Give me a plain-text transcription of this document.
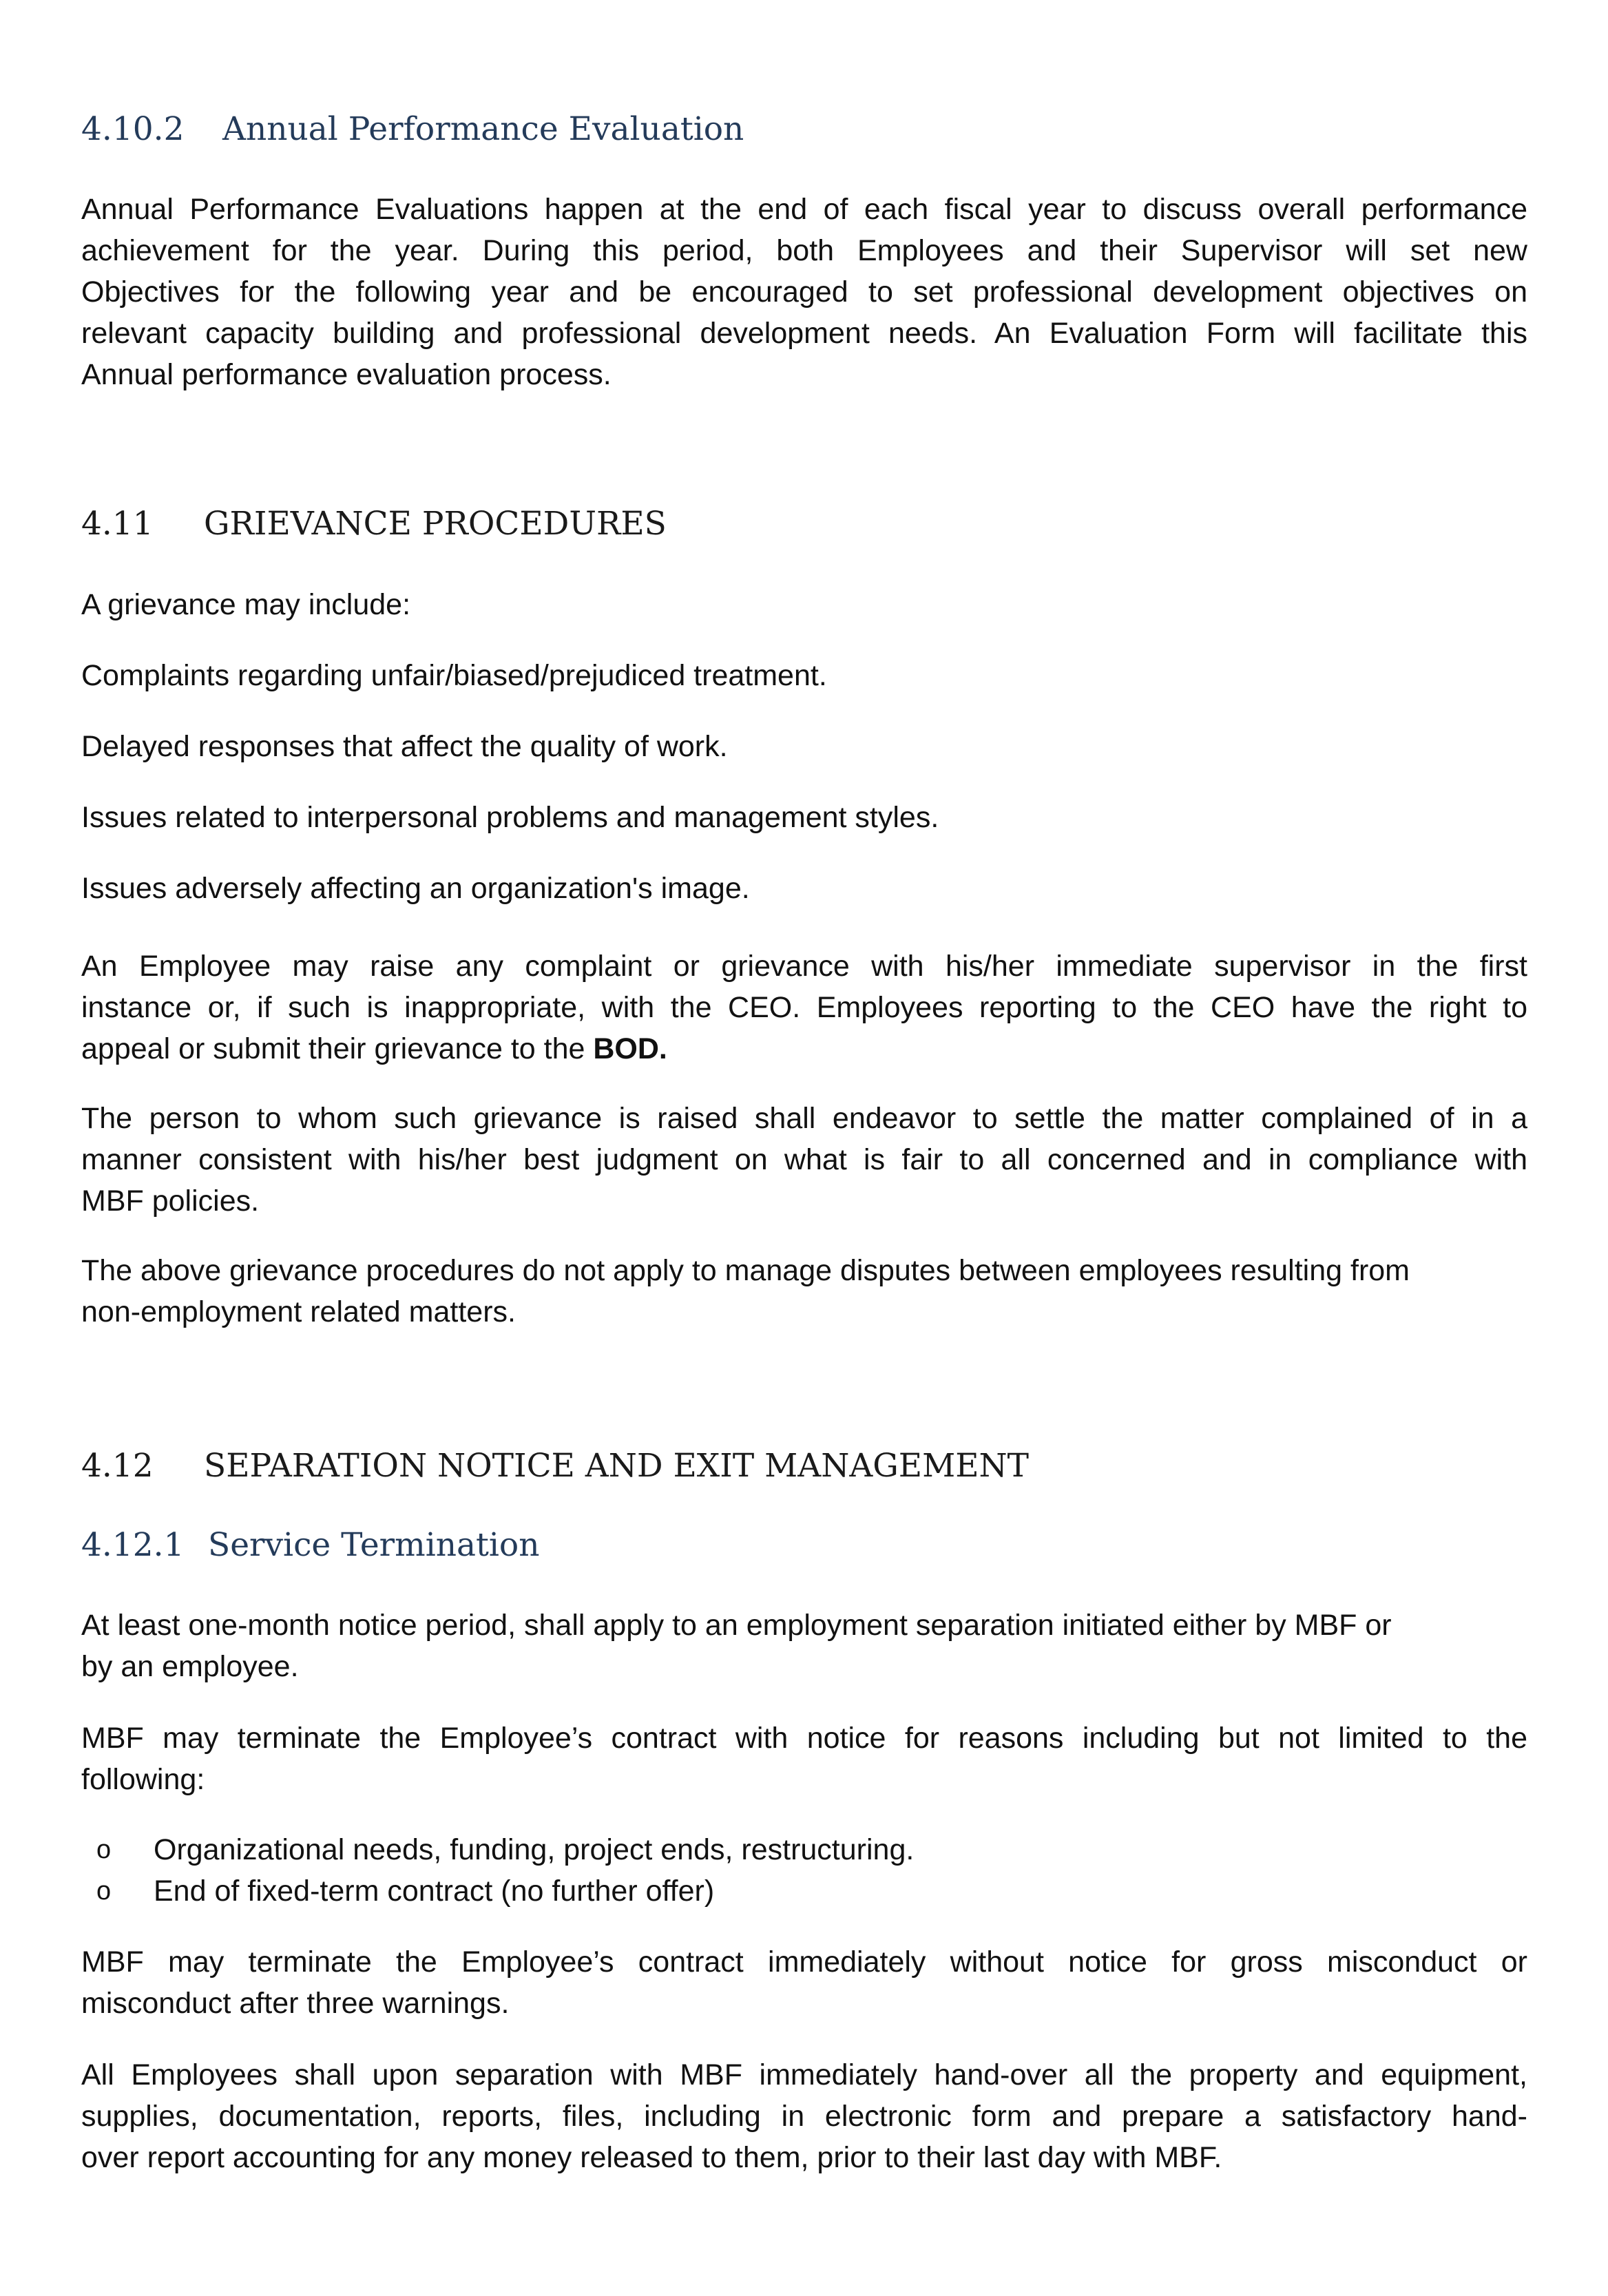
4.10.2 Annual Performance Evaluation
Annual Performance Evaluations happen at the end of each fiscal year to discuss overall performance
achievement for the year. During this period, both Employees and their Supervisor will set new
Objectives for the following year and be encouraged to set professional development objectives on
relevant capacity building and professional development needs. An Evaluation Form will facilitate this
Annual performance evaluation process.
4.11 GRIEVANCE PROCEDURES
A grievance may include:
Complaints regarding unfair/biased/prejudiced treatment.
Delayed responses that affect the quality of work.
Issues related to interpersonal problems and management styles.
Issues adversely affecting an organization's image.
An Employee may raise any complaint or grievance with his/her immediate supervisor in the first
instance or, if such is inappropriate, with the CEO. Employees reporting to the CEO have the right to
appeal or submit their grievance to the BOD.
The person to whom such grievance is raised shall endeavor to settle the matter complained of in a
manner consistent with his/her best judgment on what is fair to all concerned and in compliance with
MBF policies.
The above grievance procedures do not apply to manage disputes between employees resulting from
non-employment related matters.
4.12 SEPARATION NOTICE AND EXIT MANAGEMENT
4.12.1 Service Termination
At least one-month notice period, shall apply to an employment separation initiated either by MBF or
by an employee.
MBF may terminate the Employee’s contract with notice for reasons including but not limited to the
following:
o Organizational needs, funding, project ends, restructuring.
o End of fixed-term contract (no further offer)
MBF may terminate the Employee’s contract immediately without notice for gross misconduct or
misconduct after three warnings.
All Employees shall upon separation with MBF immediately hand-over all the property and equipment,
supplies, documentation, reports, files, including in electronic form and prepare a satisfactory hand-
over report accounting for any money released to them, prior to their last day with MBF.
